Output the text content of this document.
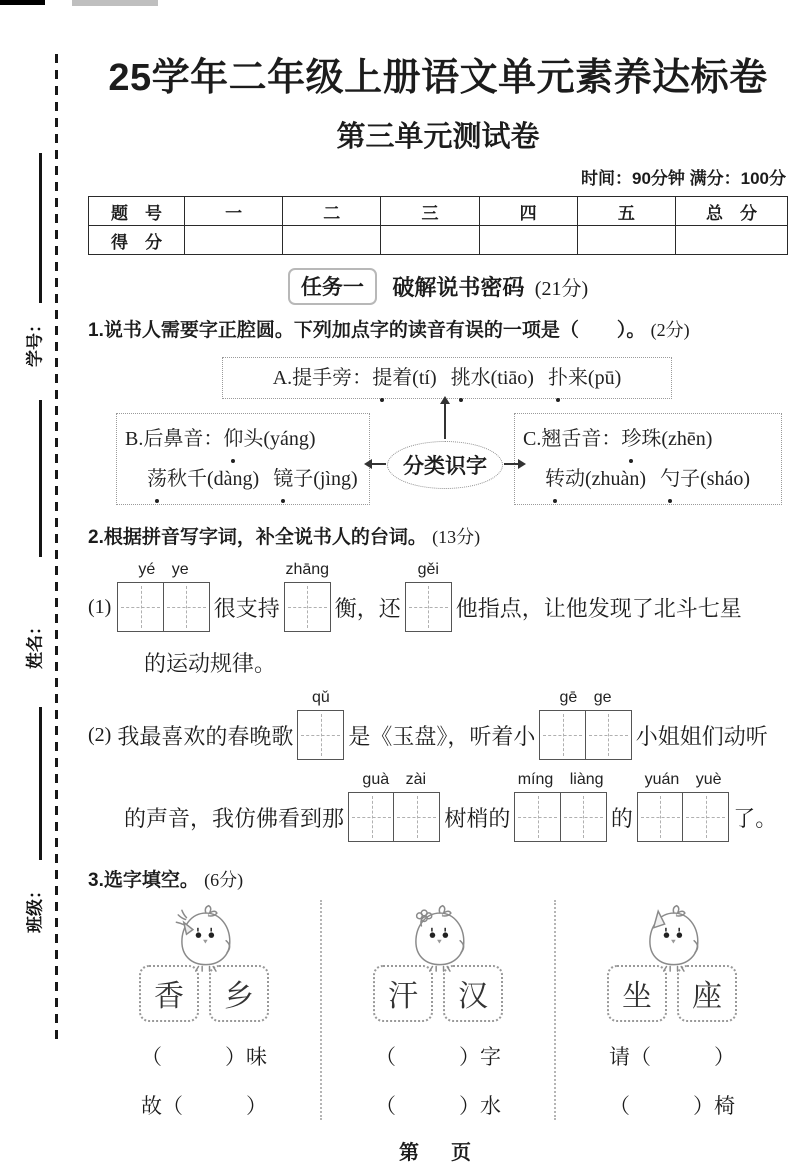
学号：
姓名：
班级：
25学年二年级上册语文单元素养达标卷
第三单元测试卷
时间：90分钟 满分：100分
题　号	一	二	三	四	五	总　分
得　分						
任务一 破解说书密码 (21分)
1.说书人需要字正腔圆。下列加点字的读音有误的一项是（　　）。 (2分)
A.提手旁：提着(tí) 挑水(tiāo) 扑来(pū)
B.后鼻音：仰头(yáng)
荡秋千(dàng) 镜子(jìng)
C.翘舌音：珍珠(zhēn)
转动(zhuàn) 勺子(sháo)
分类识字
2.根据拼音写字词，补全说书人的台词。 (13分)
(1)
yé ye
很支持
zhāng
衡，还
gěi
他指点，让他发现了北斗七星
的运动规律。
(2) 我最喜欢的春晚歌
qǔ
是《玉盘》，听着小
gē ge
小姐姐们动听
的声音，我仿佛看到那
guà zài
树梢的
míng liàng
的
yuán yuè
了。
3.选字填空。 (6分)
香	乡
（　　　）味
故（　　　）
汗	汉
（　　　）字
（　　　）水
坐	座
请（　　　）
（　　　）椅
第　页
